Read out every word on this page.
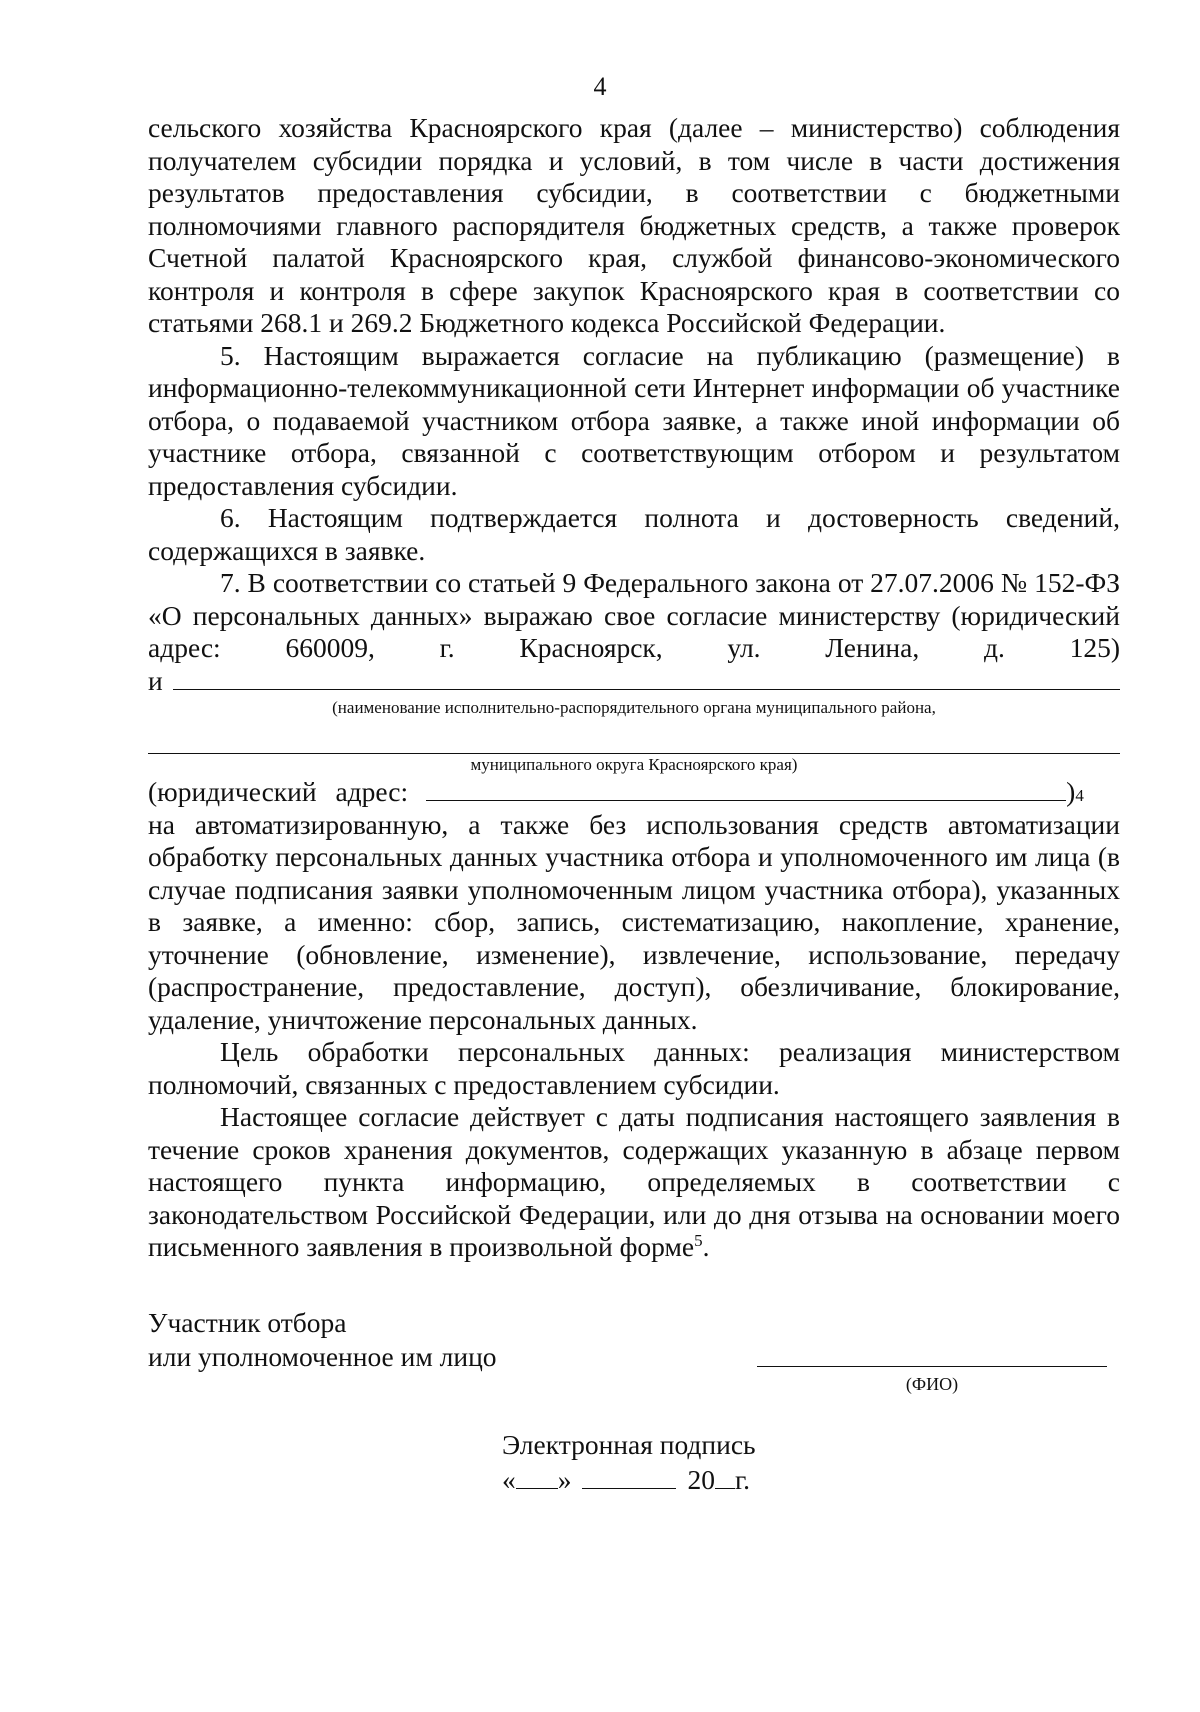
4

сельского хозяйства Красноярского края (далее – министерство) соблюдения получателем субсидии порядка и условий, в том числе в части достижения результатов предоставления субсидии, в соответствии с бюджетными полномочиями главного распорядителя бюджетных средств, а также проверок Счетной палатой Красноярского края, службой финансово-экономического контроля и контроля в сфере закупок Красноярского края в соответствии со статьями 268.1 и 269.2 Бюджетного кодекса Российской Федерации.

5. Настоящим выражается согласие на публикацию (размещение) в информационно-телекоммуникационной сети Интернет информации об участнике отбора, о подаваемой участником отбора заявке, а также иной информации об участнике отбора, связанной с соответствующим отбором и результатом предоставления субсидии.

6. Настоящим подтверждается полнота и достоверность сведений, содержащихся в заявке.

7. В соответствии со статьей 9 Федерального закона от 27.07.2006 № 152-ФЗ «О персональных данных» выражаю свое согласие министерству (юридический адрес: 660009, г. Красноярск, ул. Ленина, д. 125)

и
(наименование исполнительно-распорядительного органа муниципального района,
муниципального округа Красноярского края)
(юридический адрес:	) 4

на автоматизированную, а также без использования средств автоматизации обработку персональных данных участника отбора и уполномоченного им лица (в случае подписания заявки уполномоченным лицом участника отбора), указанных в заявке, а именно: сбор, запись, систематизацию, накопление, хранение, уточнение (обновление, изменение), извлечение, использование, передачу (распространение, предоставление, доступ), обезличивание, блокирование, удаление, уничтожение персональных данных.

Цель обработки персональных данных: реализация министерством полномочий, связанных с предоставлением субсидии.

Настоящее согласие действует с даты подписания настоящего заявления в течение сроков хранения документов, содержащих указанную в абзаце первом настоящего пункта информацию, определяемых в соответствии с законодательством Российской Федерации, или до дня отзыва на основании моего письменного заявления в произвольной форме$^5$.

Участник отбора
или уполномоченное им лицо
(ФИО)
Электронная подпись
« »	20 г.
